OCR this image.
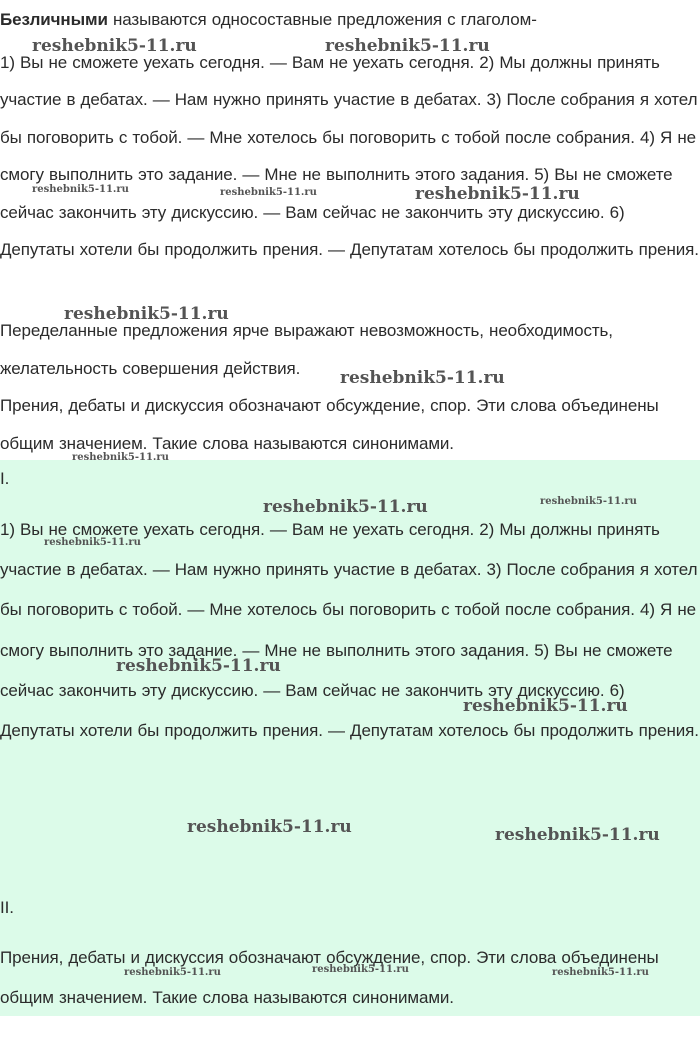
Безличными называются односоставные предложения с глаголом-

1) Вы не сможете уехать сегодня. — Вам не уехать сегодня. 2) Мы должны принять участие в дебатах. — Нам нужно принять участие в дебатах. 3) После собрания я хотел бы поговорить с тобой. — Мне хотелось бы поговорить с тобой после собрания. 4) Я не смогу выполнить это задание. — Мне не выполнить этого задания. 5) Вы не сможете сейчас закончить эту дискуссию. — Вам сейчас не закончить эту дискуссию. 6) Депутаты хотели бы продолжить прения. — Депутатам хотелось бы продолжить прения.

Переделанные предложения ярче выражают невозможность, необходимость, желательность совершения действия.

Прения, дебаты и дискуссия обозначают обсуждение, спор. Эти слова объединены общим значением. Такие слова называются синонимами.

I.

1) Вы не сможете уехать сегодня. — Вам не уехать сегодня. 2) Мы должны принять участие в дебатах. — Нам нужно принять участие в дебатах. 3) После собрания я хотел бы поговорить с тобой. — Мне хотелось бы поговорить с тобой после собрания. 4) Я не смогу выполнить это задание. — Мне не выполнить этого задания. 5) Вы не сможете сейчас закончить эту дискуссию. — Вам сейчас не закончить эту дискуссию. 6) Депутаты хотели бы продолжить прения. — Депутатам хотелось бы продолжить прения.

II.

Прения, дебаты и дискуссия обозначают обсуждение, спор. Эти слова объединены общим значением. Такие слова называются синонимами.

reshebnik5-11.ru	reshebnik5-11.ru
reshebnik5-11.ru	reshebnik5-11.ru	reshebnik5-11.ru
reshebnik5-11.ru
reshebnik5-11.ru
reshebnik5-11.ru
reshebnik5-11.ru	reshebnik5-11.ru
reshebnik5-11.ru
reshebnik5-11.ru
reshebnik5-11.ru
reshebnik5-11.ru	reshebnik5-11.ru
reshebnik5-11.ru	reshebnik5-11.ru	reshebnik5-11.ru
